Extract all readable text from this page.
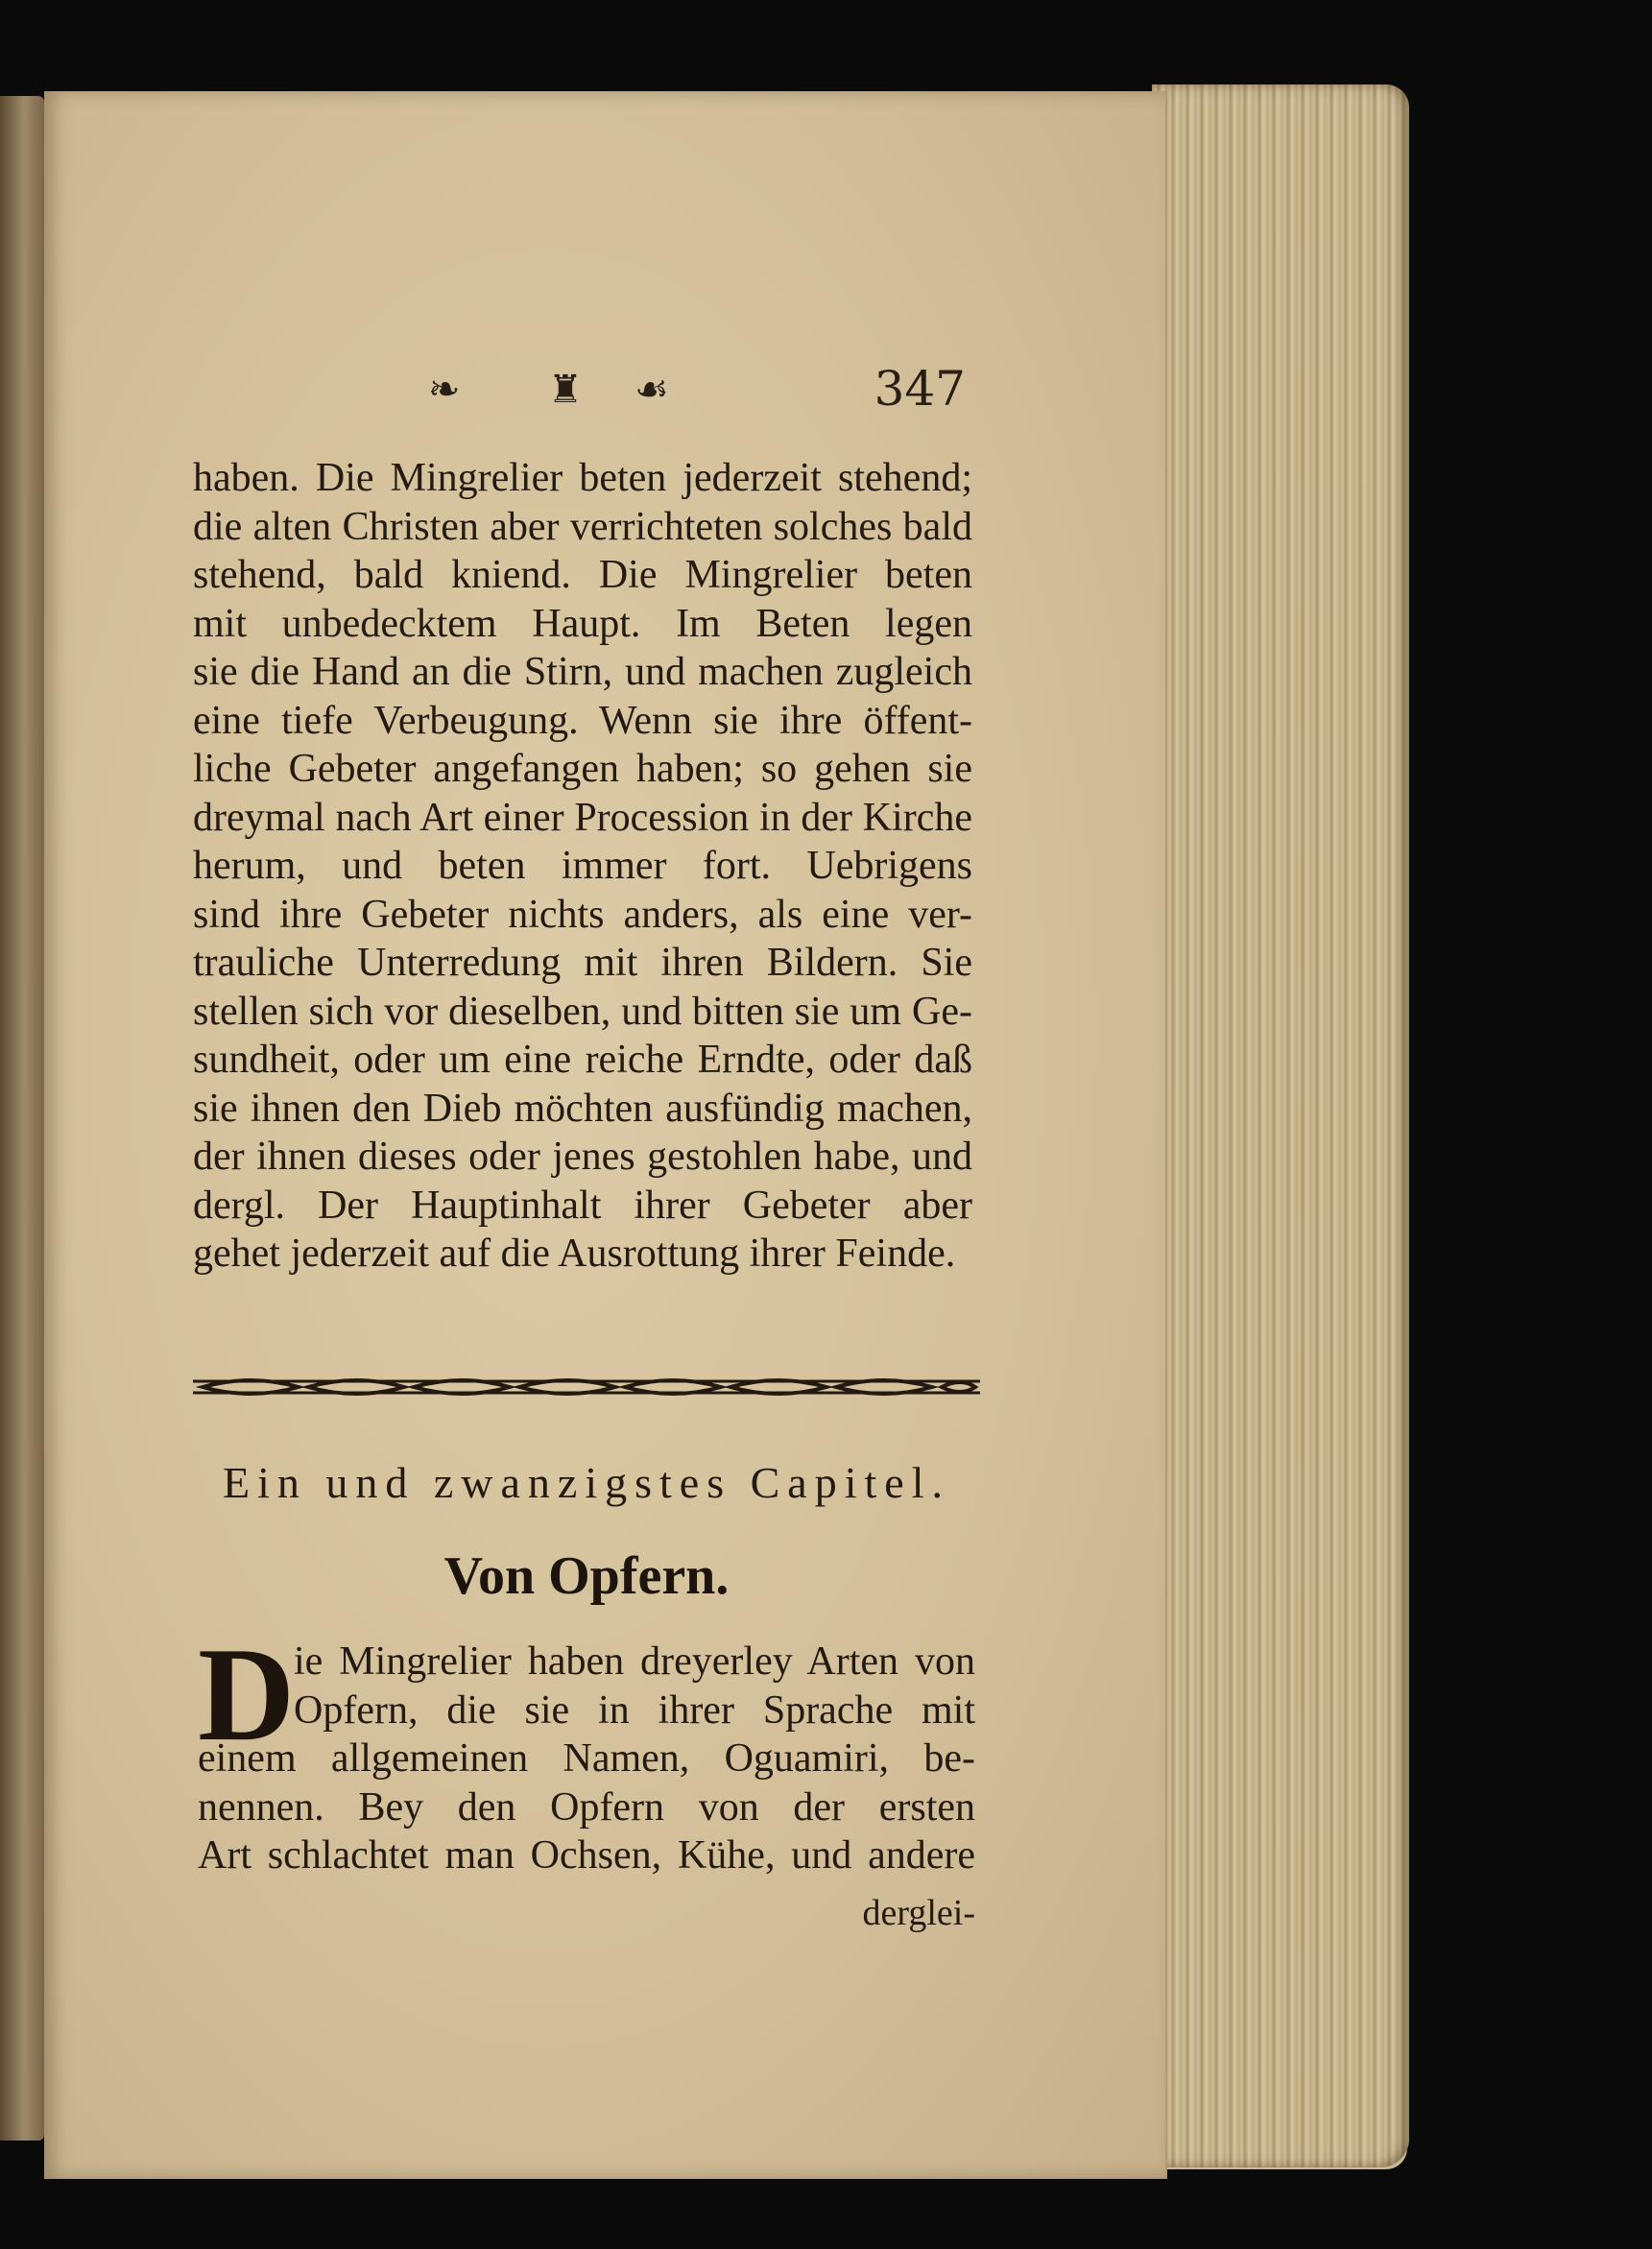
❧ ♜ ☙	347
haben. Die Mingrelier beten jederzeit stehend;
die alten Christen aber verrichteten solches bald
stehend, bald kniend. Die Mingrelier beten
mit unbedecktem Haupt. Im Beten legen
sie die Hand an die Stirn, und machen zugleich
eine tiefe Verbeugung. Wenn sie ihre öffent-
liche Gebeter angefangen haben; so gehen sie
dreymal nach Art einer Procession in der Kirche
herum, und beten immer fort. Uebrigens
sind ihre Gebeter nichts anders, als eine ver-
trauliche Unterredung mit ihren Bildern. Sie
stellen sich vor dieselben, und bitten sie um Ge-
sundheit, oder um eine reiche Erndte, oder daß
sie ihnen den Dieb möchten ausfündig machen,
der ihnen dieses oder jenes gestohlen habe, und
dergl. Der Hauptinhalt ihrer Gebeter aber
gehet jederzeit auf die Ausrottung ihrer Feinde.
Ein und zwanzigstes Capitel.
Von Opfern.
D
ie Mingrelier haben dreyerley Arten von
Opfern, die sie in ihrer Sprache mit
einem allgemeinen Namen, Oguamiri, be-
nennen. Bey den Opfern von der ersten
Art schlachtet man Ochsen, Kühe, und andere
derglei-
